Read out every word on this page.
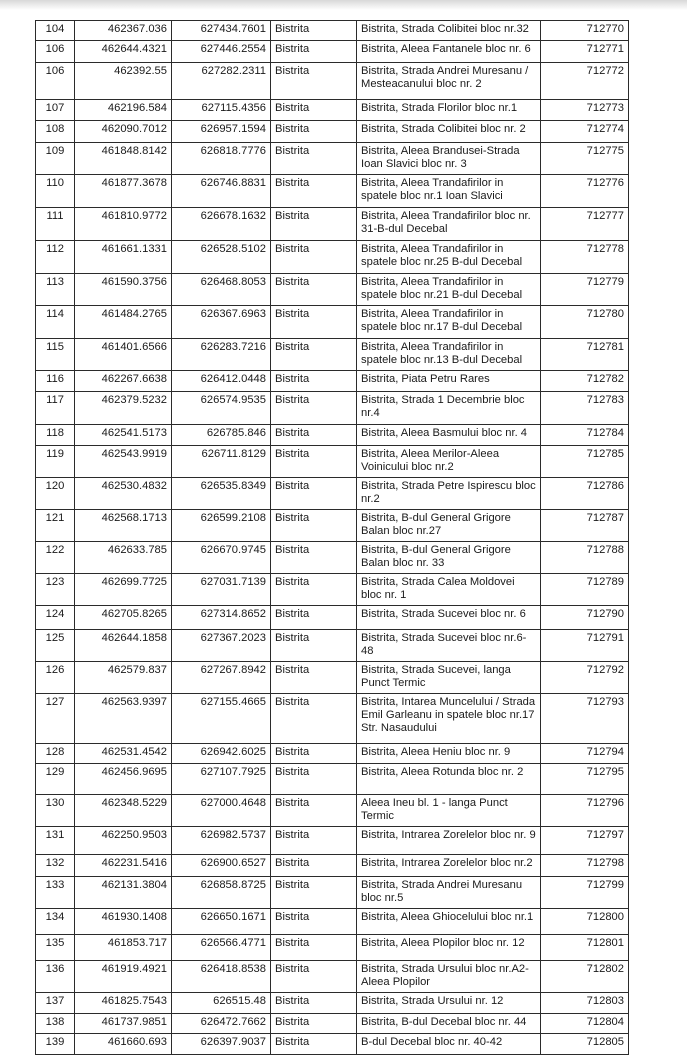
104	462367.036	627434.7601	Bistrita	Bistrita, Strada Colibitei bloc nr.32	712770
106	462644.4321	627446.2554	Bistrita	Bistrita, Aleea Fantanele bloc nr. 6	712771
106	462392.55	627282.2311	Bistrita	Bistrita, Strada Andrei Muresanu / Mesteacanului bloc nr. 2	712772
107	462196.584	627115.4356	Bistrita	Bistrita, Strada Florilor bloc nr.1	712773
108	462090.7012	626957.1594	Bistrita	Bistrita, Strada Colibitei bloc nr. 2	712774
109	461848.8142	626818.7776	Bistrita	Bistrita, Aleea Brandusei-Strada Ioan Slavici bloc nr. 3	712775
110	461877.3678	626746.8831	Bistrita	Bistrita, Aleea Trandafirilor in spatele bloc nr.1 Ioan Slavici	712776
111	461810.9772	626678.1632	Bistrita	Bistrita, Aleea Trandafirilor bloc nr. 31-B-dul Decebal	712777
112	461661.1331	626528.5102	Bistrita	Bistrita, Aleea Trandafirilor in spatele bloc nr.25 B-dul Decebal	712778
113	461590.3756	626468.8053	Bistrita	Bistrita, Aleea Trandafirilor in spatele bloc nr.21 B-dul Decebal	712779
114	461484.2765	626367.6963	Bistrita	Bistrita, Aleea Trandafirilor in spatele bloc nr.17 B-dul Decebal	712780
115	461401.6566	626283.7216	Bistrita	Bistrita, Aleea Trandafirilor in spatele bloc nr.13 B-dul Decebal	712781
116	462267.6638	626412.0448	Bistrita	Bistrita, Piata Petru Rares	712782
117	462379.5232	626574.9535	Bistrita	Bistrita, Strada 1 Decembrie bloc nr.4	712783
118	462541.5173	626785.846	Bistrita	Bistrita, Aleea Basmului bloc nr. 4	712784
119	462543.9919	626711.8129	Bistrita	Bistrita, Aleea Merilor-Aleea Voinicului bloc nr.2	712785
120	462530.4832	626535.8349	Bistrita	Bistrita, Strada Petre Ispirescu bloc nr.2	712786
121	462568.1713	626599.2108	Bistrita	Bistrita, B-dul General Grigore Balan bloc nr.27	712787
122	462633.785	626670.9745	Bistrita	Bistrita, B-dul General Grigore Balan bloc nr. 33	712788
123	462699.7725	627031.7139	Bistrita	Bistrita, Strada Calea Moldovei bloc nr. 1	712789
124	462705.8265	627314.8652	Bistrita	Bistrita, Strada Sucevei bloc nr. 6	712790
125	462644.1858	627367.2023	Bistrita	Bistrita, Strada Sucevei bloc nr.6-48	712791
126	462579.837	627267.8942	Bistrita	Bistrita, Strada Sucevei, langa Punct Termic	712792
127	462563.9397	627155.4665	Bistrita	Bistrita, Intarea Muncelului / Strada Emil Garleanu in spatele bloc nr.17 Str. Nasaudului	712793
128	462531.4542	626942.6025	Bistrita	Bistrita, Aleea Heniu bloc nr. 9	712794
129	462456.9695	627107.7925	Bistrita	Bistrita, Aleea Rotunda bloc nr. 2	712795
130	462348.5229	627000.4648	Bistrita	Aleea Ineu bl. 1 - langa Punct Termic	712796
131	462250.9503	626982.5737	Bistrita	Bistrita, Intrarea Zorelelor bloc nr. 9	712797
132	462231.5416	626900.6527	Bistrita	Bistrita, Intrarea Zorelelor bloc nr.2	712798
133	462131.3804	626858.8725	Bistrita	Bistrita, Strada Andrei Muresanu bloc nr.5	712799
134	461930.1408	626650.1671	Bistrita	Bistrita, Aleea Ghiocelului bloc nr.1	712800
135	461853.717	626566.4771	Bistrita	Bistrita, Aleea Plopilor bloc nr. 12	712801
136	461919.4921	626418.8538	Bistrita	Bistrita, Strada Ursului bloc nr.A2-Aleea Plopilor	712802
137	461825.7543	626515.48	Bistrita	Bistrita, Strada Ursului nr. 12	712803
138	461737.9851	626472.7662	Bistrita	Bistrita, B-dul Decebal bloc nr. 44	712804
139	461660.693	626397.9037	Bistrita	B-dul Decebal bloc nr. 40-42	712805
